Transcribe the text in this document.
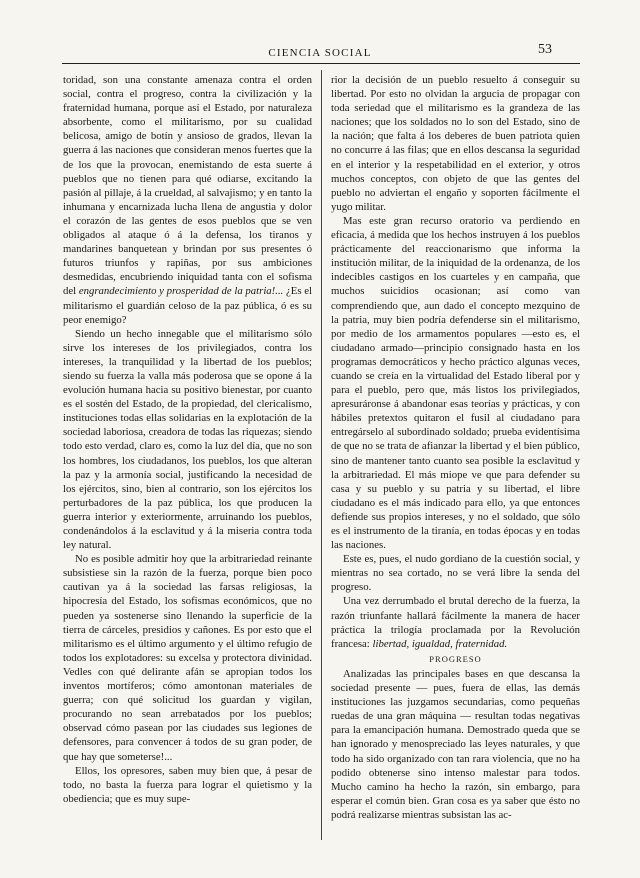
CIENCIA SOCIAL	53

toridad, son una constante amenaza contra el orden social, contra el progreso, contra la civilización y la fraternidad humana, porque así el Estado, por naturaleza absorbente, como el militarismo, por su cualidad belicosa, amigo de botín y ansioso de grados, llevan la guerra á las naciones que consideran menos fuertes que la de los que la provocan, enemistando de esta suerte á pueblos que no tienen para qué odiarse, excitando la pasión al pillaje, á la crueldad, al salvajismo; y en tanto la inhumana y encarnizada lucha llena de angustia y dolor el corazón de las gentes de esos pueblos que se ven obligados al ataque ó á la defensa, los tiranos y mandarines banquetean y brindan por sus presentes ó futuros triunfos y rapiñas, por sus ambiciones desmedidas, encubriendo iniquidad tanta con el sofisma del engrandecimiento y prosperidad de la patria!... ¿Es el militarismo el guardián celoso de la paz pública, ó es su peor enemigo?

Siendo un hecho innegable que el militarismo sólo sirve los intereses de los privilegiados, contra los intereses, la tranquilidad y la libertad de los pueblos; siendo su fuerza la valla más poderosa que se opone á la evolución humana hacia su positivo bienestar, por cuanto es el sostén del Estado, de la propiedad, del clericalismo, instituciones todas ellas solidarias en la explotación de la sociedad laboriosa, creadora de todas las riquezas; siendo todo esto verdad, claro es, como la luz del día, que no son los hombres, los ciudadanos, los pueblos, los que alteran la paz y la armonía social, justificando la necesidad de los ejércitos, sino, bien al contrario, son los ejércitos los perturbadores de la paz pública, los que producen la guerra interior y exteriormente, arruinando los pueblos, condenándolos á la esclavitud y á la miseria contra toda ley natural.

No es posible admitir hoy que la arbitrariedad reinante subsistiese sin la razón de la fuerza, porque bien poco cautivan ya á la sociedad las farsas religiosas, la hipocresía del Estado, los sofismas económicos, que no pueden ya sostenerse sino llenando la superficie de la tierra de cárceles, presidios y cañones. Es por esto que el militarismo es el último argumento y el último refugio de todos los explotadores: su excelsa y protectora divinidad. Vedles con qué delirante afán se apropian todos los inventos mortíferos; cómo amontonan materiales de guerra; con qué solicitud los guardan y vigilan, procurando no sean arrebatados por los pueblos; observad cómo pasean por las ciudades sus legiones de defensores, para convencer á todos de su gran poder, de que hay que someterse!...

Ellos, los opresores, saben muy bien que, á pesar de todo, no basta la fuerza para lograr el quietismo y la obediencia; que es muy supe-

rior la decisión de un pueblo resuelto á conseguir su libertad. Por esto no olvidan la argucia de propagar con toda seriedad que el militarismo es la grandeza de las naciones; que los soldados no lo son del Estado, sino de la nación; que falta á los deberes de buen patriota quien no concurre á las filas; que en ellos descansa la seguridad en el interior y la respetabilidad en el exterior, y otros muchos conceptos, con objeto de que las gentes del pueblo no adviertan el engaño y soporten fácilmente el yugo militar.

Mas este gran recurso oratorio va perdiendo en eficacia, á medida que los hechos instruyen á los pueblos prácticamente del reaccionarismo que informa la institución militar, de la iniquidad de la ordenanza, de los indecibles castigos en los cuarteles y en campaña, que muchos suicidios ocasionan; así como van comprendiendo que, aun dado el concepto mezquino de la patria, muy bien podría defenderse sin el militarismo, por medio de los armamentos populares —esto es, el ciudadano armado—principio consignado hasta en los programas democráticos y hecho práctico algunas veces, cuando se creía en la virtualidad del Estado liberal por y para el pueblo, pero que, más listos los privilegiados, apresuráronse á abandonar esas teorías y prácticas, y con hábiles pretextos quitaron el fusil al ciudadano para entregárselo al subordinado soldado; prueba evidentísima de que no se trata de afianzar la libertad y el bien público, sino de mantener tanto cuanto sea posible la esclavitud y la arbitrariedad. El más miope ve que para defender su casa y su pueblo y su patria y su libertad, el libre ciudadano es el más indicado para ello, ya que entonces defiende sus propios intereses, y no el soldado, que sólo es el instrumento de la tiranía, en todas épocas y en todas las naciones.

Este es, pues, el nudo gordiano de la cuestión social, y mientras no sea cortado, no se verá libre la senda del progreso.

Una vez derrumbado el brutal derecho de la fuerza, la razón triunfante hallará fácilmente la manera de hacer práctica la trilogía proclamada por la Revolución francesa: libertad, igualdad, fraternidad.

PROGRESO

Analizadas las principales bases en que descansa la sociedad presente — pues, fuera de ellas, las demás instituciones las juzgamos secundarias, como pequeñas ruedas de una gran máquina — resultan todas negativas para la emancipación humana. Demostrado queda que se han ignorado y menospreciado las leyes naturales, y que todo ha sido organizado con tan rara violencia, que no ha podido obtenerse sino intenso malestar para todos. Mucho camino ha hecho la razón, sin embargo, para esperar el común bien. Gran cosa es ya saber que ésto no podrá realizarse mientras subsistan las ac-
